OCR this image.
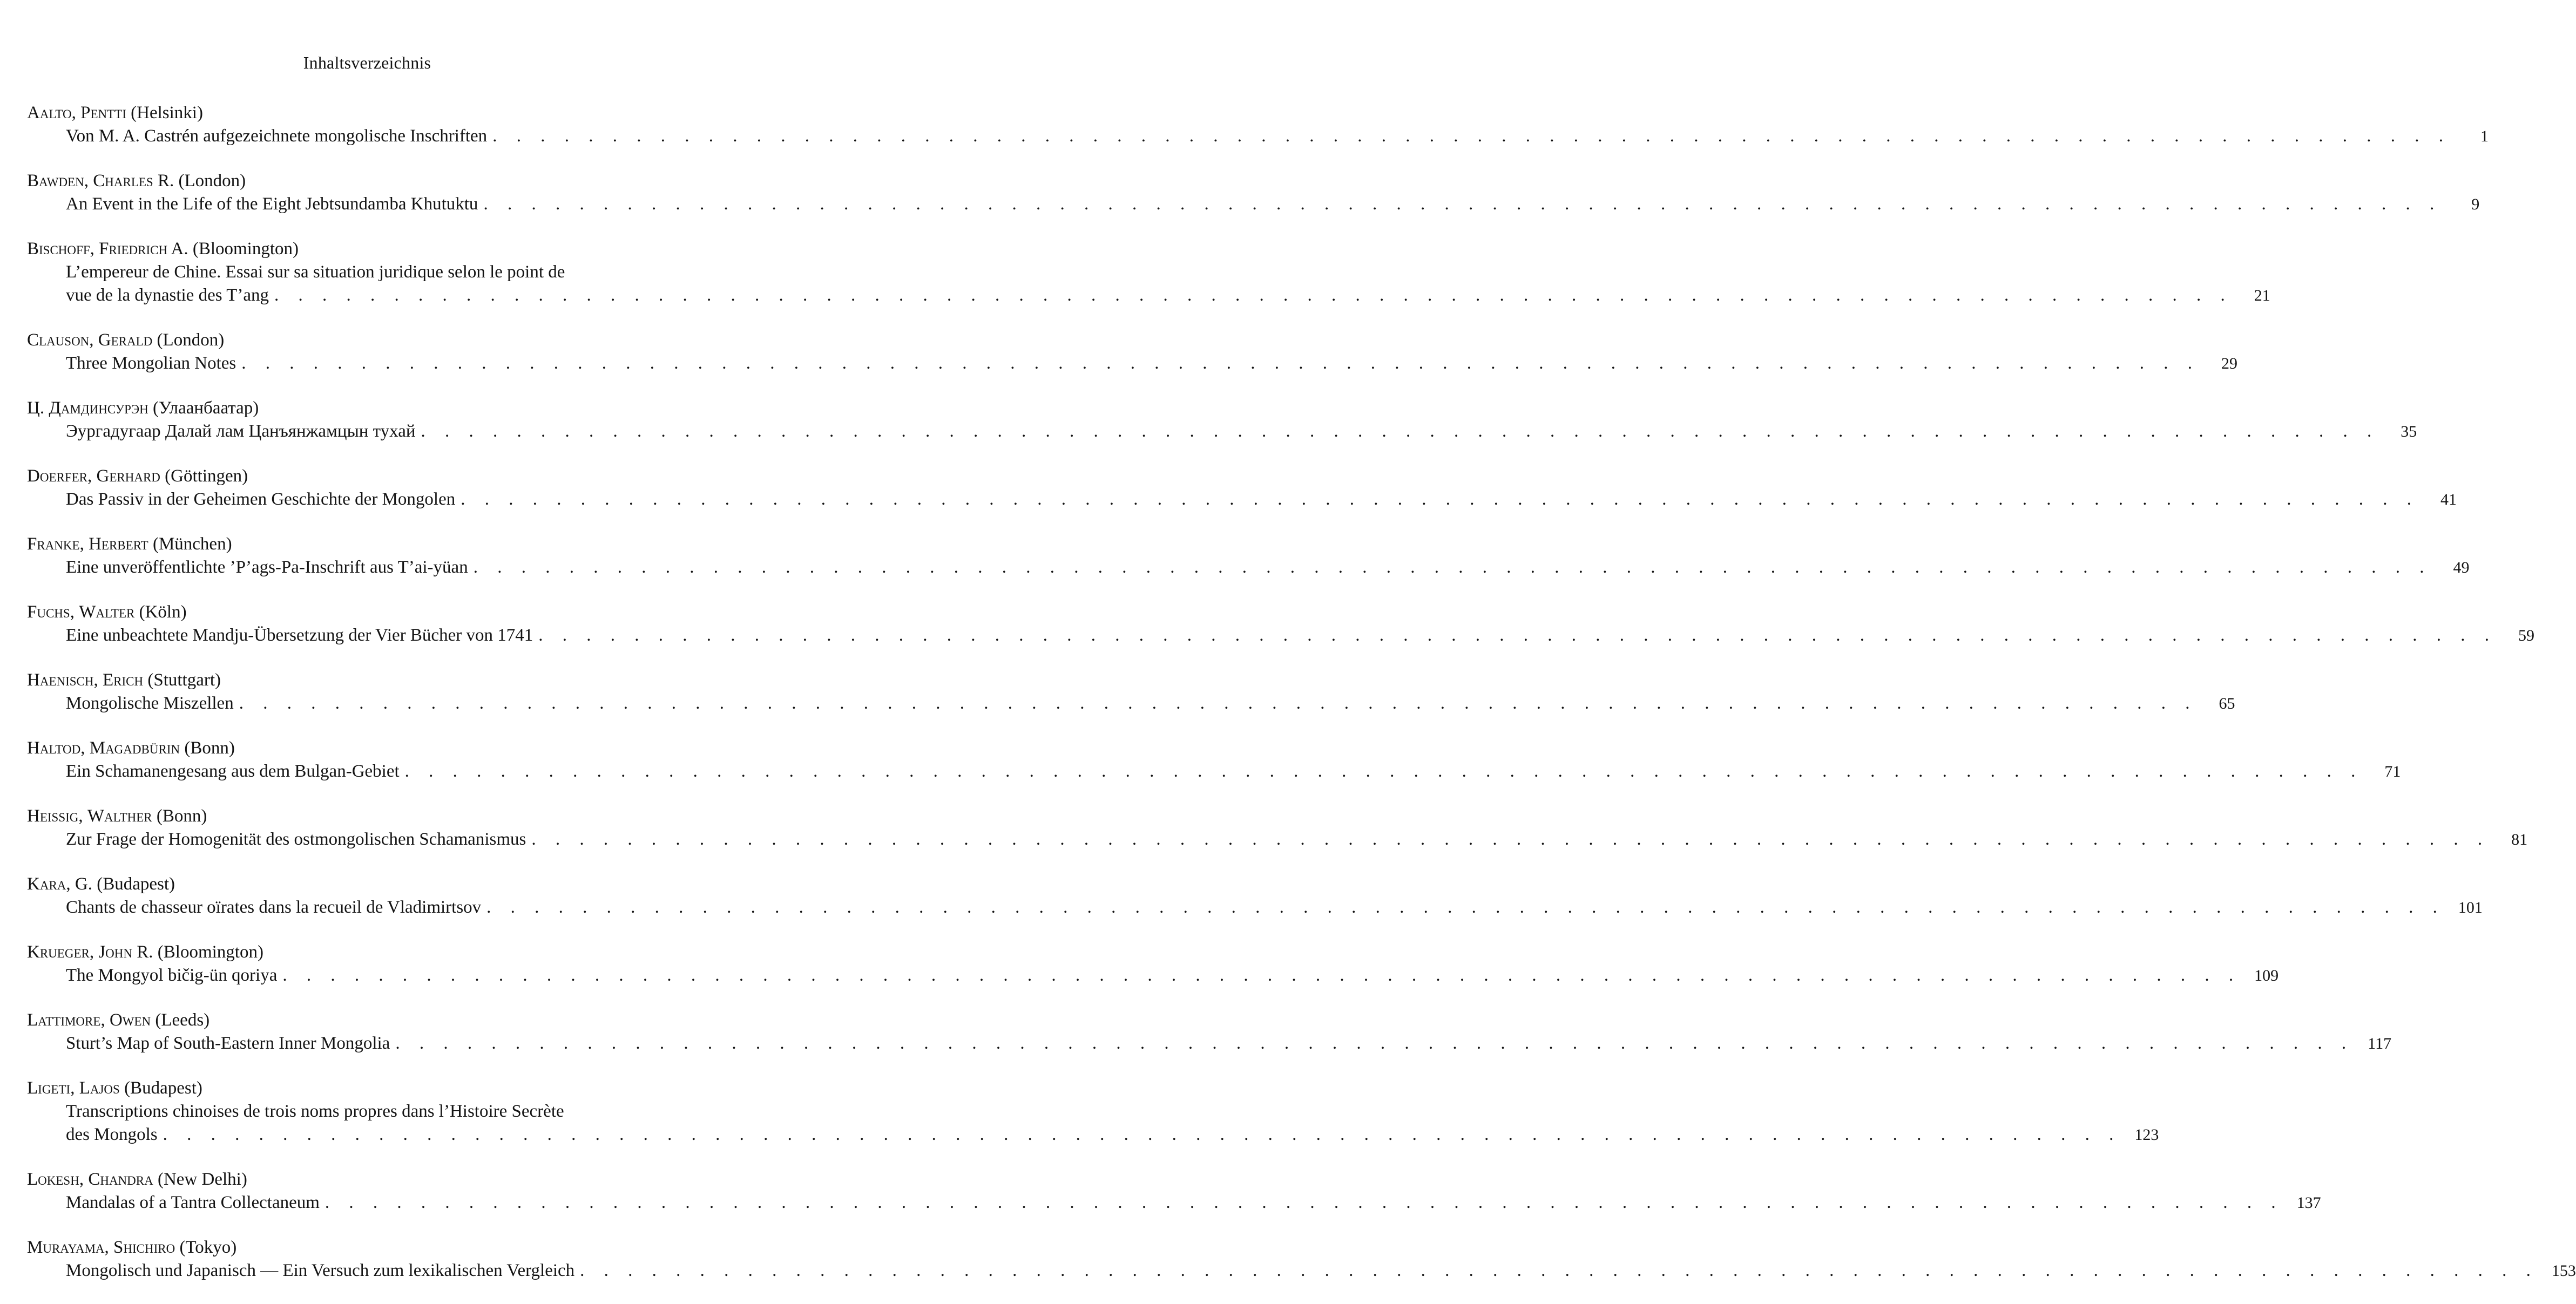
Inhaltsverzeichnis
Aalto, Pentti (Helsinki)
Von M. A. Castrén aufgezeichnete mongolische Inschriften . . . . . . . . . . . . . . . . . . . . . . . . . . . . . . . . . . . . . . . . . . . . . . . . . . . . . . . . . . . . . . . . . . . . . . . . . . . . . . . . . .	1
Bawden, Charles R. (London)
An Event in the Life of the Eight Jebtsundamba Khutuktu . . . . . . . . . . . . . . . . . . . . . . . . . . . . . . . . . . . . . . . . . . . . . . . . . . . . . . . . . . . . . . . . . . . . . . . . . . . . . . . . . .	9
Bischoff, Friedrich A. (Bloomington)
L’empereur de Chine. Essai sur sa situation juridique selon le point de
vue de la dynastie des T’ang . . . . . . . . . . . . . . . . . . . . . . . . . . . . . . . . . . . . . . . . . . . . . . . . . . . . . . . . . . . . . . . . . . . . . . . . . . . . . . . . . .	21
Clauson, Gerald (London)
Three Mongolian Notes . . . . . . . . . . . . . . . . . . . . . . . . . . . . . . . . . . . . . . . . . . . . . . . . . . . . . . . . . . . . . . . . . . . . . . . . . . . . . . . . . .	29
Ц. Дамдинсурэн (Улаанбаатар)
Эургадугаар Далай лам Цанъянжамцын тухай . . . . . . . . . . . . . . . . . . . . . . . . . . . . . . . . . . . . . . . . . . . . . . . . . . . . . . . . . . . . . . . . . . . . . . . . . . . . . . . . . .	35
Doerfer, Gerhard (Göttingen)
Das Passiv in der Geheimen Geschichte der Mongolen . . . . . . . . . . . . . . . . . . . . . . . . . . . . . . . . . . . . . . . . . . . . . . . . . . . . . . . . . . . . . . . . . . . . . . . . . . . . . . . . . .	41
Franke, Herbert (München)
Eine unveröffentlichte ’P’ags-Pa-Inschrift aus T’ai-yüan . . . . . . . . . . . . . . . . . . . . . . . . . . . . . . . . . . . . . . . . . . . . . . . . . . . . . . . . . . . . . . . . . . . . . . . . . . . . . . . . . .	49
Fuchs, Walter (Köln)
Eine unbeachtete Mandju-Übersetzung der Vier Bücher von 1741 . . . . . . . . . . . . . . . . . . . . . . . . . . . . . . . . . . . . . . . . . . . . . . . . . . . . . . . . . . . . . . . . . . . . . . . . . . . . . . . . . .	59
Haenisch, Erich (Stuttgart)
Mongolische Miszellen . . . . . . . . . . . . . . . . . . . . . . . . . . . . . . . . . . . . . . . . . . . . . . . . . . . . . . . . . . . . . . . . . . . . . . . . . . . . . . . . . .	65
Haltod, Magadbürin (Bonn)
Ein Schamanengesang aus dem Bulgan-Gebiet . . . . . . . . . . . . . . . . . . . . . . . . . . . . . . . . . . . . . . . . . . . . . . . . . . . . . . . . . . . . . . . . . . . . . . . . . . . . . . . . . .	71
Heissig, Walther (Bonn)
Zur Frage der Homogenität des ostmongolischen Schamanismus . . . . . . . . . . . . . . . . . . . . . . . . . . . . . . . . . . . . . . . . . . . . . . . . . . . . . . . . . . . . . . . . . . . . . . . . . . . . . . . . . .	81
Kara, G. (Budapest)
Chants de chasseur oïrates dans la recueil de Vladimirtsov . . . . . . . . . . . . . . . . . . . . . . . . . . . . . . . . . . . . . . . . . . . . . . . . . . . . . . . . . . . . . . . . . . . . . . . . . . . . . . . . . . 101
Krueger, John R. (Bloomington)
The Mongyol bičig-ün qoriya . . . . . . . . . . . . . . . . . . . . . . . . . . . . . . . . . . . . . . . . . . . . . . . . . . . . . . . . . . . . . . . . . . . . . . . . . . . . . . . . . . 109
Lattimore, Owen (Leeds)
Sturt’s Map of South-Eastern Inner Mongolia . . . . . . . . . . . . . . . . . . . . . . . . . . . . . . . . . . . . . . . . . . . . . . . . . . . . . . . . . . . . . . . . . . . . . . . . . . . . . . . . . . 117
Ligeti, Lajos (Budapest)
Transcriptions chinoises de trois noms propres dans l’Histoire Secrète
des Mongols . . . . . . . . . . . . . . . . . . . . . . . . . . . . . . . . . . . . . . . . . . . . . . . . . . . . . . . . . . . . . . . . . . . . . . . . . . . . . . . . . . 123
Lokesh, Chandra (New Delhi)
Mandalas of a Tantra Collectaneum . . . . . . . . . . . . . . . . . . . . . . . . . . . . . . . . . . . . . . . . . . . . . . . . . . . . . . . . . . . . . . . . . . . . . . . . . . . . . . . . . . 137
Murayama, Shichiro (Tokyo)
Mongolisch und Japanisch — Ein Versuch zum lexikalischen Vergleich . . . . . . . . . . . . . . . . . . . . . . . . . . . . . . . . . . . . . . . . . . . . . . . . . . . . . . . . . . . . . . . . . . . . . . . . . . . . . . . . . . 153
